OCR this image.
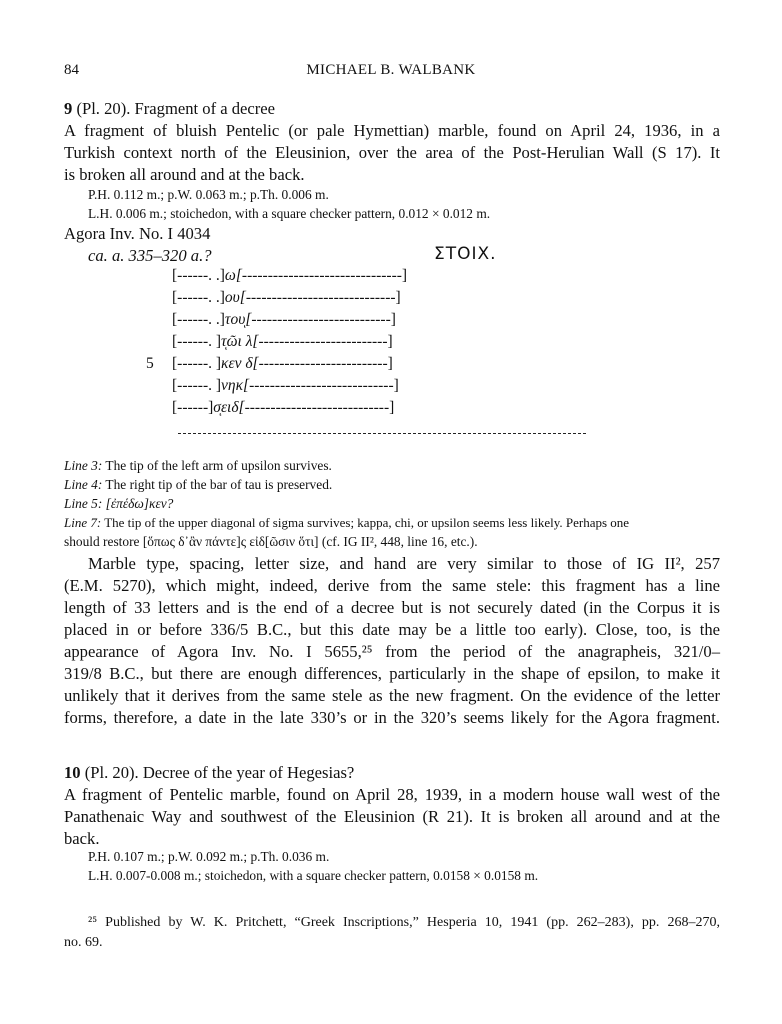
84	MICHAEL B. WALBANK
9 (Pl. 20). Fragment of a decree
A fragment of bluish Pentelic (or pale Hymettian) marble, found on April 24, 1936, in a
Turkish context north of the Eleusinion, over the area of the Post-Herulian Wall (S 17). It
is broken all around and at the back.
P.H. 0.112 m.; p.W. 0.063 m.; p.Th. 0.006 m.
L.H. 0.006 m.; stoichedon, with a square checker pattern, 0.012 × 0.012 m.
Agora Inv. No. I 4034
ca. a. 335–320 a.?	ΣΤΟΙΧ.
[------. .]ω[-------------------------------]
[------. .]ου[-----------------------------]
[------. .]τουͅ[---------------------------]
[------. ]τͅῶι λ[-------------------------]
5 [------. ]κεν δ[-------------------------]
[------. ]νηκ[----------------------------]
[------]σͅειδ[----------------------------]
Line 3: The tip of the left arm of upsilon survives.
Line 4: The right tip of the bar of tau is preserved.
Line 5: [ἐπέδω]κεν?
Line 7: The tip of the upper diagonal of sigma survives; kappa, chi, or upsilon seems less likely. Perhaps one
should restore [ὅπως δ᾽ἂν πάντε]ς εἰδ[ῶσιν ὅτι] (cf. IG II², 448, line 16, etc.).
Marble type, spacing, letter size, and hand are very similar to those of IG II², 257
(E.M. 5270), which might, indeed, derive from the same stele: this fragment has a line
length of 33 letters and is the end of a decree but is not securely dated (in the Corpus it is
placed in or before 336/5 B.C., but this date may be a little too early). Close, too, is the
appearance of Agora Inv. No. I 5655,²⁵ from the period of the anagrapheis, 321/0–
319/8 B.C., but there are enough differences, particularly in the shape of epsilon, to make it
unlikely that it derives from the same stele as the new fragment. On the evidence of the letter
forms, therefore, a date in the late 330’s or in the 320’s seems likely for the Agora fragment.
10 (Pl. 20). Decree of the year of Hegesias?
A fragment of Pentelic marble, found on April 28, 1939, in a modern house wall west of the
Panathenaic Way and southwest of the Eleusinion (R 21). It is broken all around and at the
back.
P.H. 0.107 m.; p.W. 0.092 m.; p.Th. 0.036 m.
L.H. 0.007-0.008 m.; stoichedon, with a square checker pattern, 0.0158 × 0.0158 m.
²⁵ Published by W. K. Pritchett, “Greek Inscriptions,” Hesperia 10, 1941 (pp. 262–283), pp. 268–270,
no. 69.
